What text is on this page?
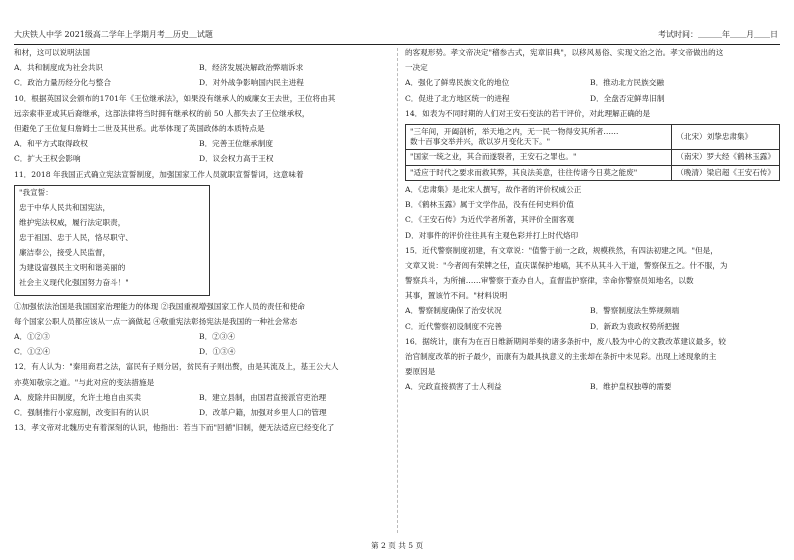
大庆铁人中学 2021级高二学年上学期月考＿历史＿试题	考试时间：＿＿＿年＿＿月＿＿日
和材，这可以说明法国
A．共和制度成为社会共识	B．经济发展决解政治弊端诉求
C．政治力量历经分化与整合	D．对外战争影响国内民主进程
10．根据英国议会颁布的1701年《王位继承法》，如果没有继承人的威廉女王去世，王位将由其
远亲索菲亚或其后裔继承，这部法律将当时拥有继承权的前 50 人都失去了王位继承权，
但避免了王位复归詹姆士二世及其世系。此举体现了英国政体的本质特点是
A．和平方式取得政权	B．完善王位继承制度
C．扩大王权会影响	D．议会权力高于王权
11．2018 年我国正式确立宪法宣誓制度，加强国家工作人员就职宣誓誓词，这意味着
"我宣誓：
忠于中华人民共和国宪法，
维护宪法权威，履行法定职责，
忠于祖国、忠于人民，恪尽职守、
廉洁奉公，接受人民监督，
为建设富强民主文明和谐美丽的
社会主义现代化强国努力奋斗！"
①加强依法治国是我国国家治理能力的体现 ②我国重视增强国家工作人员的责任和使命
每个国家公职人员都应该从一点一滴做起 ④敬重宪法彰扬宪法是我国的一种社会常态
A．①②③	B．②③④
C．①②④	D．①③④
12．有人认为："秦用商君之法，富民有子则分居，贫民有子则出赘，由是其流及上，基王公大人
亦莫知敬宗之道。"与此对应的变法措施是
A．废除井田制度，允许土地自由买卖	B．建立县制，由国君直接派官吏治理
C．强制推行小家庭制，改变旧有的认识	D．改革户籍，加强对乡里人口的管理
13．孝文帝对北魏历史有着深刻的认识，他指出：若当下而"回循"旧制，便无法适应已经变化了
的客观形势。孝文帝决定"稽参古式，宪章旧典"，以移风易俗、实现文治之治。孝文帝做出的这
一决定
A．强化了鲜卑民族文化的地位	B．推动北方民族交融
C．促进了北方地区统一的进程	D．全盘否定鲜卑旧制
14．如表为不同时期的人们对王安石变法的若干评价，对此理解正确的是
"三年间，开阖剖析，举天地之内，无一民一物得安其所者……
数十百事交举并兴，欲以岁月变化天下。"	（北宋）刘挚忠肃集》

"国家一统之业，其合而遂裂者，王安石之罪也。"	（南宋）罗大经《鹤林玉露》

"适应于时代之要求而救其弊，其良法美意，往往传诸今日莫之能废"	（晚清）梁启超《王安石传》
A．《忠肃集》是北宋人撰写，故作者的评价权威公正
B．《鹤林玉露》属于文学作品，没有任何史料价值
C．《王安石传》为近代学者所著，其评价全面客观
D．对事件的评价往往具有主观色彩并打上时代烙印
15．近代警察制度初建，有文章说："值警于前一之政，规模秩然，有四法初建之风。"但是，
文章又说："今者闾有荣牌之任，直庆谋保护地嗃，其不从其斗入干道，警察保五之。什不服，为
警察兵斗，为所捕……审警察于查办自人，直督监护察律，幸命你警察员知地名，以数
其事，置该竹不问。"材料说明
A．警察制度确保了治安状况	B．警察制度法生弊规频端
C．近代警察初设制度不完善	D．新政为袁政权势所把握
16．据统计，康有为在百日维新期间举奏的诸多条折中，废八股为中心的文教改革建议最多，较
治官制度改革的折子最少，而康有为最具执意义的主张却在条折中未见彩。出现上述现象的主
要原因是
A．完政直接损害了士人利益	B．维护皇权独尊的需要
第 2 页 共 5 页
